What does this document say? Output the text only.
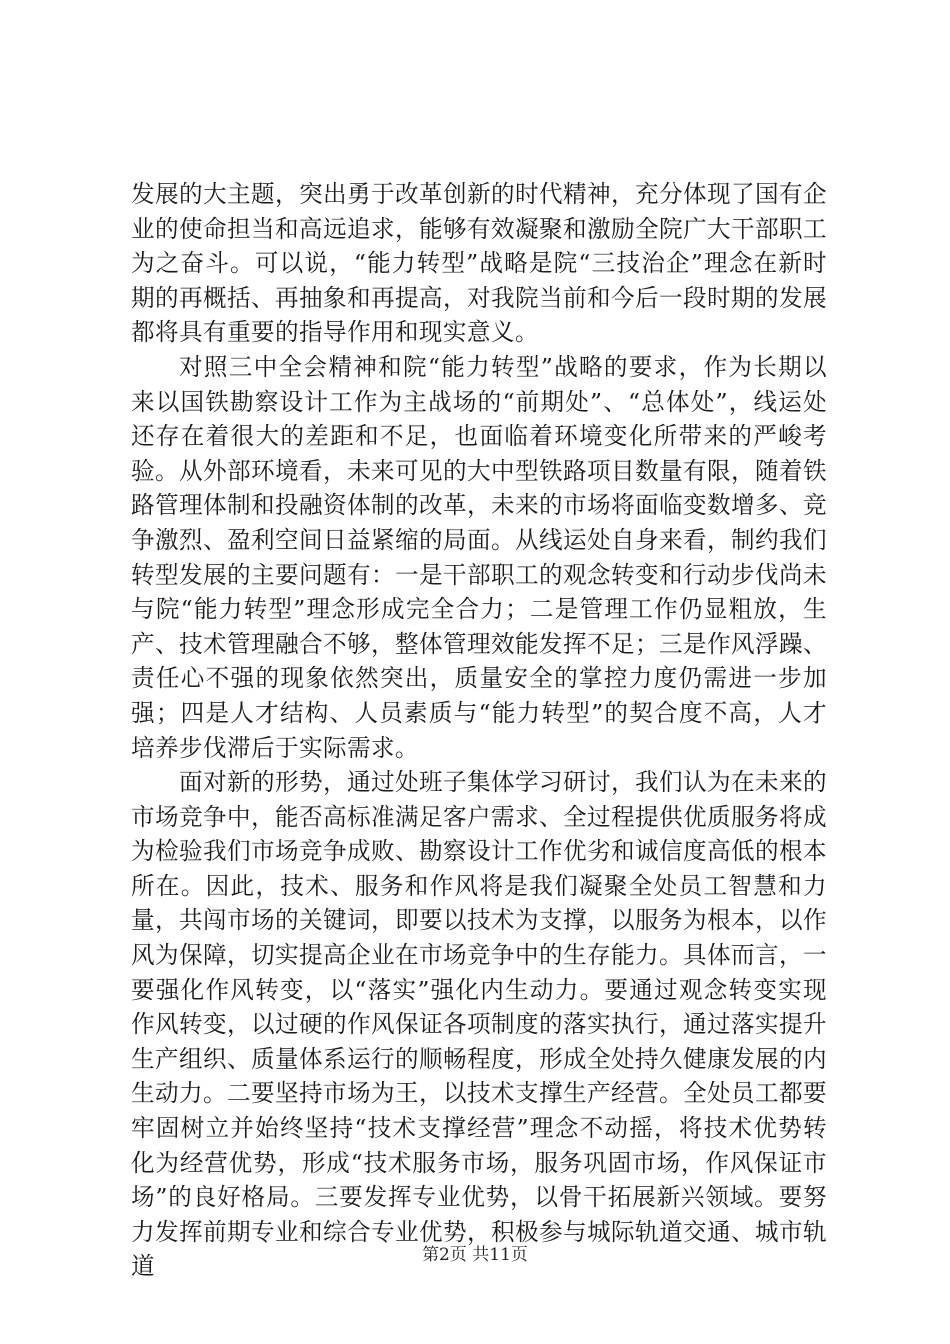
发展的大主题，突出勇于改革创新的时代精神，充分体现了国有企业的使命担当和高远追求，能够有效凝聚和激励全院广大干部职工为之奋斗。可以说，“能力转型”战略是院“三技治企”理念在新时期的再概括、再抽象和再提高，对我院当前和今后一段时期的发展都将具有重要的指导作用和现实意义。

对照三中全会精神和院“能力转型”战略的要求，作为长期以来以国铁勘察设计工作为主战场的“前期处”、“总体处”，线运处还存在着很大的差距和不足，也面临着环境变化所带来的严峻考验。从外部环境看，未来可见的大中型铁路项目数量有限，随着铁路管理体制和投融资体制的改革，未来的市场将面临变数增多、竞争激烈、盈利空间日益紧缩的局面。从线运处自身来看，制约我们转型发展的主要问题有：一是干部职工的观念转变和行动步伐尚未与院“能力转型”理念形成完全合力；二是管理工作仍显粗放，生产、技术管理融合不够，整体管理效能发挥不足；三是作风浮躁、责任心不强的现象依然突出，质量安全的掌控力度仍需进一步加强；四是人才结构、人员素质与“能力转型”的契合度不高，人才培养步伐滞后于实际需求。

面对新的形势，通过处班子集体学习研讨，我们认为在未来的市场竞争中，能否高标准满足客户需求、全过程提供优质服务将成为检验我们市场竞争成败、勘察设计工作优劣和诚信度高低的根本所在。因此，技术、服务和作风将是我们凝聚全处员工智慧和力量，共闯市场的关键词，即要以技术为支撑，以服务为根本，以作风为保障，切实提高企业在市场竞争中的生存能力。具体而言，一要强化作风转变，以“落实”强化内生动力。要通过观念转变实现作风转变，以过硬的作风保证各项制度的落实执行，通过落实提升生产组织、质量体系运行的顺畅程度，形成全处持久健康发展的内生动力。二要坚持市场为王，以技术支撑生产经营。全处员工都要牢固树立并始终坚持“技术支撑经营”理念不动摇，将技术优势转化为经营优势，形成“技术服务市场，服务巩固市场，作风保证市场”的良好格局。三要发挥专业优势，以骨干拓展新兴领域。要努力发挥前期专业和综合专业优势，积极参与城际轨道交通、城市轨道	第2页 共11页
